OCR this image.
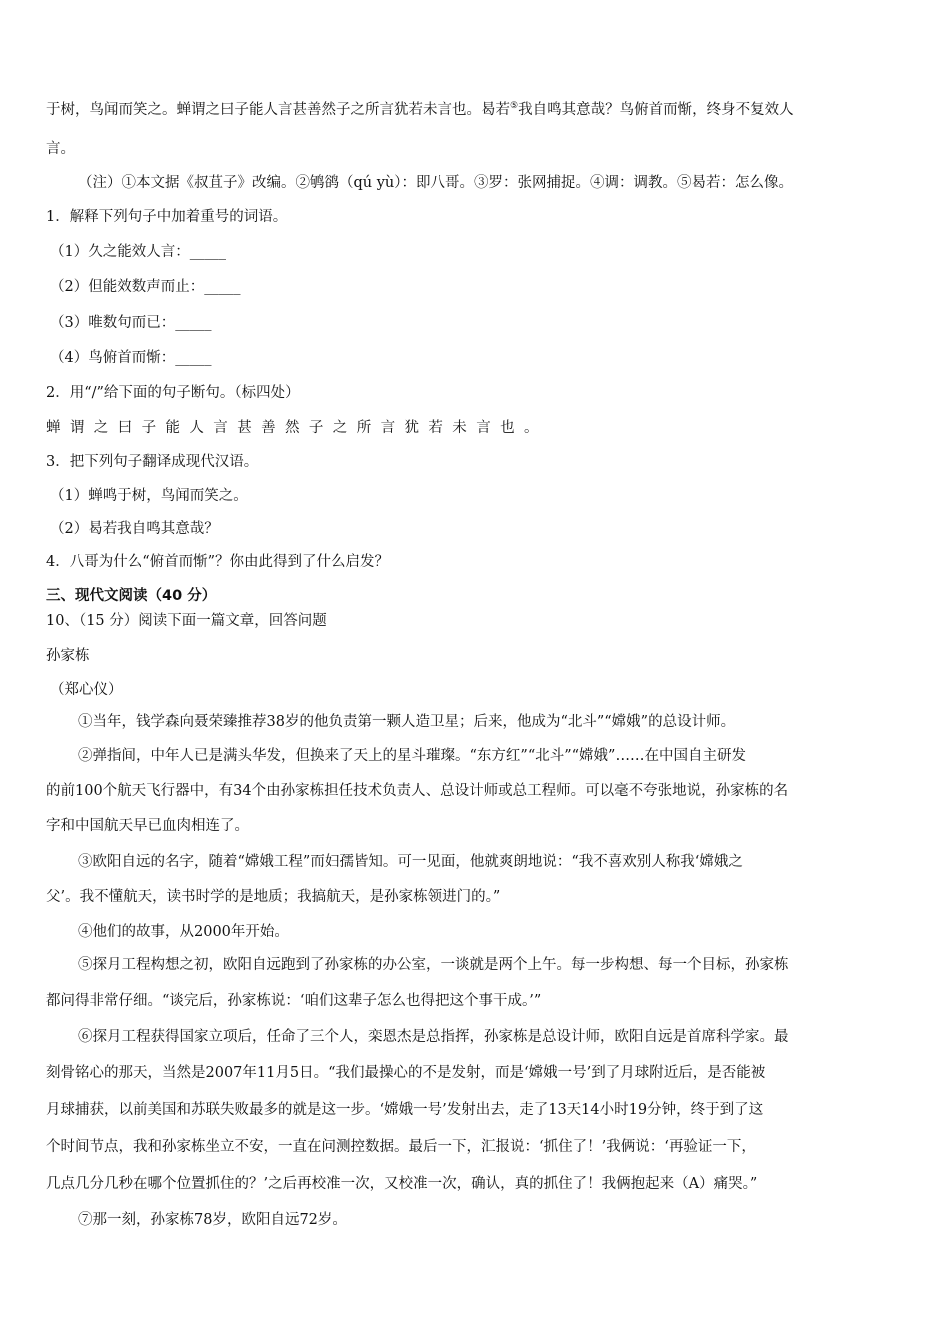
于树，鸟闻而笑之。蝉谓之曰子能人言甚善然子之所言犹若未言也。曷若⑤我自鸣其意哉？鸟俯首而惭，终身不复效人
言。
（注）①本文据《叔苴子》改编。②鸲鹆（qú yù）：即八哥。③罗：张网捕捉。④调：调教。⑤曷若：怎么像。
1．解释下列句子中加着重号的词语。
（1）久之能效人言：_____
（2）但能效数声而止：_____
（3）唯数句而已：_____
（4）鸟俯首而惭：_____
2．用“/”给下面的句子断句。（标四处）
蝉谓之曰子能人言甚善然子之所言犹若未言也。
3．把下列句子翻译成现代汉语。
（1）蝉鸣于树，鸟闻而笑之。
（2）曷若我自鸣其意哉？
4．八哥为什么“俯首而惭”？你由此得到了什么启发？
三、现代文阅读（40 分）
10、（15 分）阅读下面一篇文章，回答问题
孙家栋
（郑心仪）
①当年，钱学森向聂荣臻推荐38岁的他负责第一颗人造卫星；后来，他成为“北斗”“嫦娥”的总设计师。
②弹指间，中年人已是满头华发，但换来了天上的星斗璀璨。“东方红”“北斗”“嫦娥”……在中国自主研发
的前100个航天飞行器中，有34个由孙家栋担任技术负责人、总设计师或总工程师。可以毫不夸张地说，孙家栋的名
字和中国航天早已血肉相连了。
③欧阳自远的名字，随着“嫦娥工程”而妇孺皆知。可一见面，他就爽朗地说：“我不喜欢别人称我‘嫦娥之
父’。我不懂航天，读书时学的是地质；我搞航天，是孙家栋领进门的。”
④他们的故事，从2000年开始。
⑤探月工程构想之初，欧阳自远跑到了孙家栋的办公室，一谈就是两个上午。每一步构想、每一个目标，孙家栋
都问得非常仔细。“谈完后，孙家栋说：‘咱们这辈子怎么也得把这个事干成。’”
⑥探月工程获得国家立项后，任命了三个人，栾恩杰是总指挥，孙家栋是总设计师，欧阳自远是首席科学家。最
刻骨铭心的那天，当然是2007年11月5日。“我们最操心的不是发射，而是‘嫦娥一号’到了月球附近后，是否能被
月球捕获，以前美国和苏联失败最多的就是这一步。‘嫦娥一号’发射出去，走了13天14小时19分钟，终于到了这
个时间节点，我和孙家栋坐立不安，一直在问测控数据。最后一下，汇报说：‘抓住了！’我俩说：‘再验证一下，
几点几分几秒在哪个位置抓住的？’之后再校准一次，又校准一次，确认，真的抓住了！我俩抱起来（A）痛哭。”
⑦那一刻，孙家栋78岁，欧阳自远72岁。
